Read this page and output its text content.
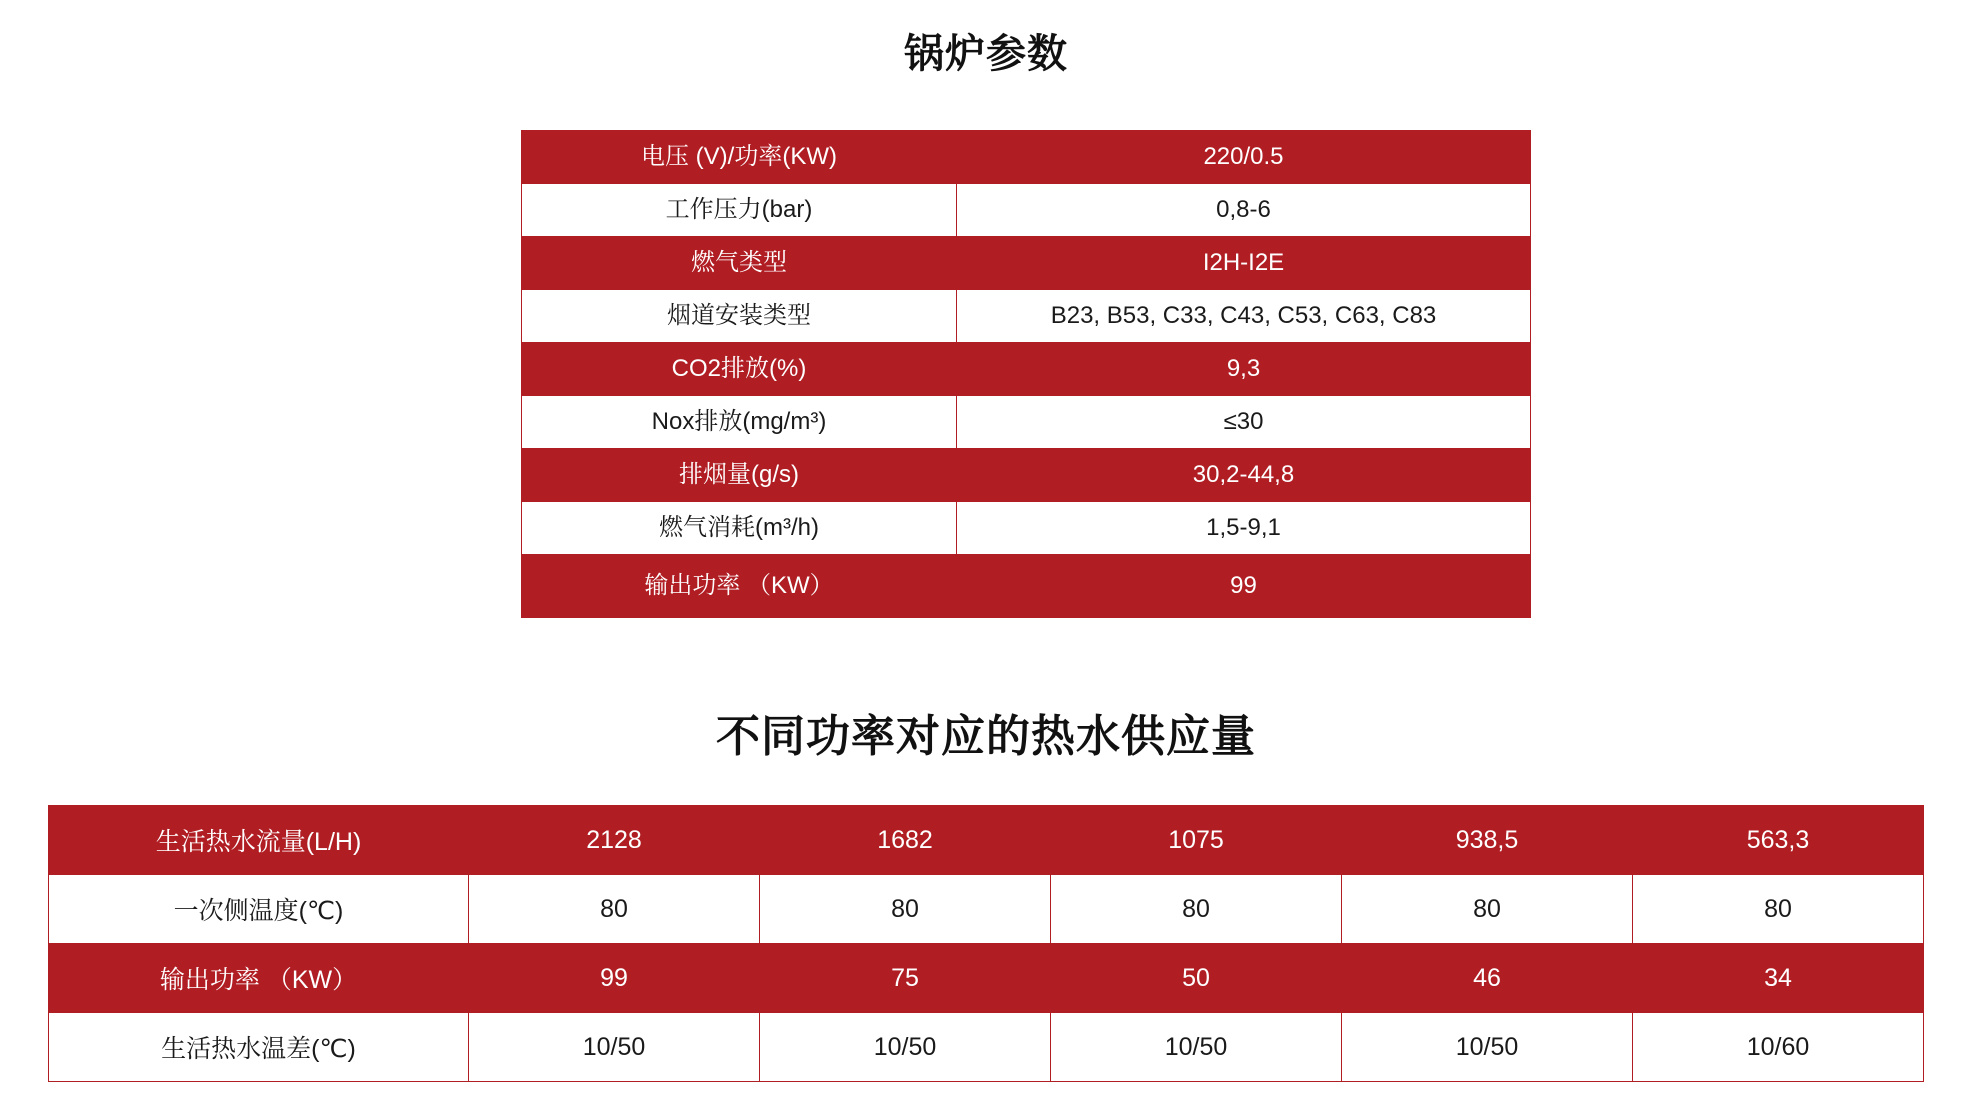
锅炉参数
电压 (V)/功率(KW)	220/0.5
工作压力(bar)	0,8-6
燃气类型	I2H-I2E
烟道安装类型	B23, B53, C33, C43, C53, C63, C83
CO2排放(%)	9,3
Nox排放(mg/m³)	≤30
排烟量(g/s)	30,2-44,8
燃气消耗(m³/h)	1,5-9,1
输出功率 （KW）	99
不同功率对应的热水供应量
生活热水流量(L/H)	2128	1682	1075	938,5	563,3
一次侧温度(℃)	80	80	80	80	80
输出功率 （KW）	99	75	50	46	34
生活热水温差(℃)	10/50	10/50	10/50	10/50	10/60
